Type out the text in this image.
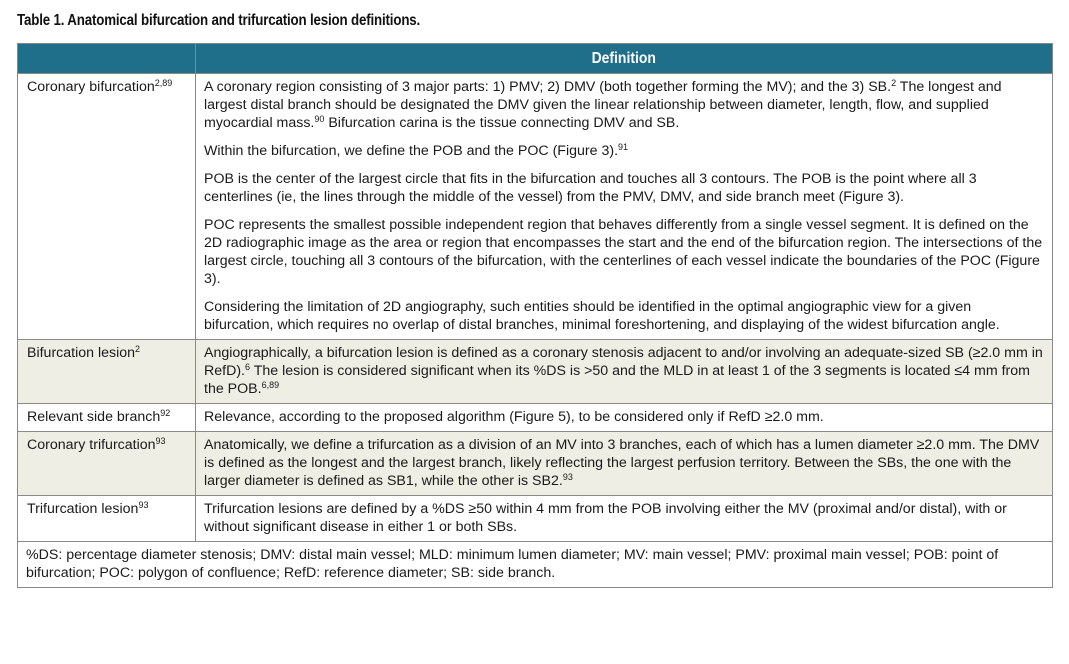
Table 1. Anatomical bifurcation and trifurcation lesion definitions.
	Definition
Coronary bifurcation$^{2,89}$	A coronary region consisting of 3 major parts: 1) PMV; 2) DMV (both together forming the MV); and the 3) SB.$^2$ The longest and largest distal branch should be designated the DMV given the linear relationship between diameter, length, flow, and supplied myocardial mass.$^{90}$ Bifurcation carina is the tissue connecting DMV and SB.

Within the bifurcation, we define the POB and the POC (Figure 3).$^{91}$

POB is the center of the largest circle that fits in the bifurcation and touches all 3 contours. The POB is the point where all 3 centerlines (ie, the lines through the middle of the vessel) from the PMV, DMV, and side branch meet (Figure 3).

POC represents the smallest possible independent region that behaves differently from a single vessel segment. It is defined on the 2D radiographic image as the area or region that encompasses the start and the end of the bifurcation region. The intersections of the largest circle, touching all 3 contours of the bifurcation, with the centerlines of each vessel indicate the boundaries of the POC (Figure 3).

Considering the limitation of 2D angiography, such entities should be identified in the optimal angiographic view for a given bifurcation, which requires no overlap of distal branches, minimal foreshortening, and displaying of the widest bifurcation angle.

Bifurcation lesion$^2$	Angiographically, a bifurcation lesion is defined as a coronary stenosis adjacent to and/or involving an adequate-sized SB (≥2.0 mm in RefD).$^6$ The lesion is considered significant when its %DS is >50 and the MLD in at least 1 of the 3 segments is located ≤4 mm from the POB.$^{6,89}$

Relevant side branch$^{92}$	Relevance, according to the proposed algorithm (Figure 5), to be considered only if RefD ≥2.0 mm.

Coronary trifurcation$^{93}$	Anatomically, we define a trifurcation as a division of an MV into 3 branches, each of which has a lumen diameter ≥2.0 mm. The DMV is defined as the longest and the largest branch, likely reflecting the largest perfusion territory. Between the SBs, the one with the larger diameter is defined as SB1, while the other is SB2.93

Trifurcation lesion$^{93}$	Trifurcation lesions are defined by a %DS ≥50 within 4 mm from the POB involving either the MV (proximal and/or distal), with or without significant disease in either 1 or both SBs.

%DS: percentage diameter stenosis; DMV: distal main vessel; MLD: minimum lumen diameter; MV: main vessel; PMV: proximal main vessel; POB: point of bifurcation; POC: polygon of confluence; RefD: reference diameter; SB: side branch.	
